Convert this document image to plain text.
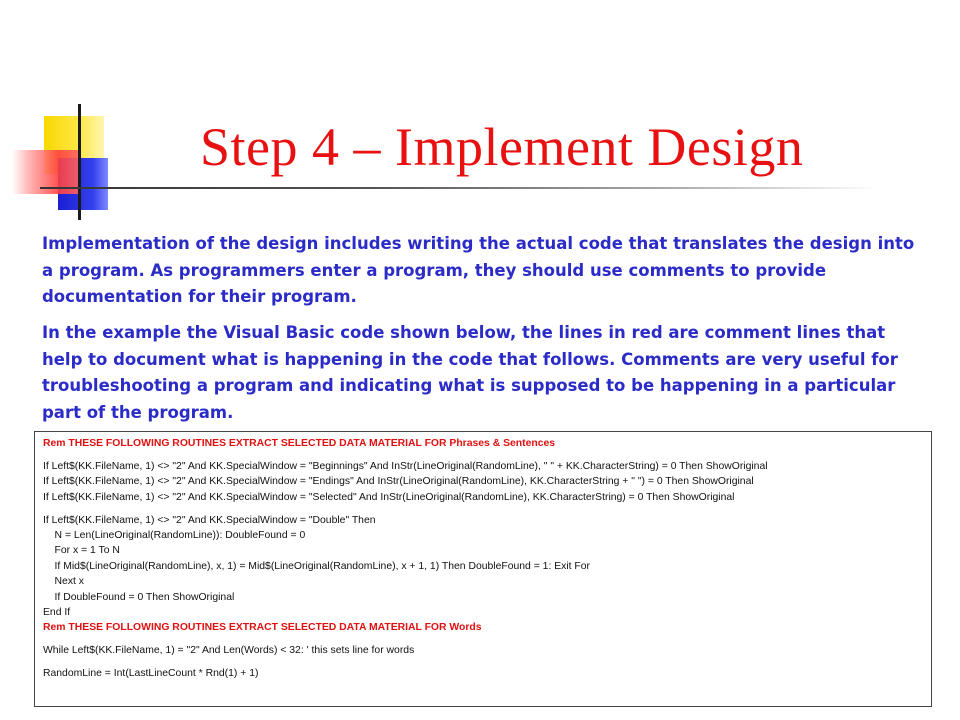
Step 4 – Implement Design

Implementation of the design includes writing the actual code that translates the design into a program. As programmers enter a program, they should use comments to provide documentation for their program.

In the example the Visual Basic code shown below, the lines in red are comment lines that help to document what is happening in the code that follows. Comments are very useful for troubleshooting a program and indicating what is supposed to be happening in a particular part of the program.

Rem THESE FOLLOWING ROUTINES EXTRACT SELECTED DATA MATERIAL FOR Phrases & Sentences
If Left$(KK.FileName, 1) <> "2" And KK.SpecialWindow = "Beginnings" And InStr(LineOriginal(RandomLine), " " + KK.CharacterString) = 0 Then ShowOriginal
If Left$(KK.FileName, 1) <> "2" And KK.SpecialWindow = "Endings" And InStr(LineOriginal(RandomLine), KK.CharacterString + " ") = 0 Then ShowOriginal
If Left$(KK.FileName, 1) <> "2" And KK.SpecialWindow = "Selected" And InStr(LineOriginal(RandomLine), KK.CharacterString) = 0 Then ShowOriginal
If Left$(KK.FileName, 1) <> "2" And KK.SpecialWindow = "Double" Then
N = Len(LineOriginal(RandomLine)): DoubleFound = 0
For x = 1 To N
If Mid$(LineOriginal(RandomLine), x, 1) = Mid$(LineOriginal(RandomLine), x + 1, 1) Then DoubleFound = 1: Exit For
Next x
If DoubleFound = 0 Then ShowOriginal
End If
Rem THESE FOLLOWING ROUTINES EXTRACT SELECTED DATA MATERIAL FOR Words
While Left$(KK.FileName, 1) = "2" And Len(Words) < 32: ' this sets line for words
RandomLine = Int(LastLineCount * Rnd(1) + 1)
